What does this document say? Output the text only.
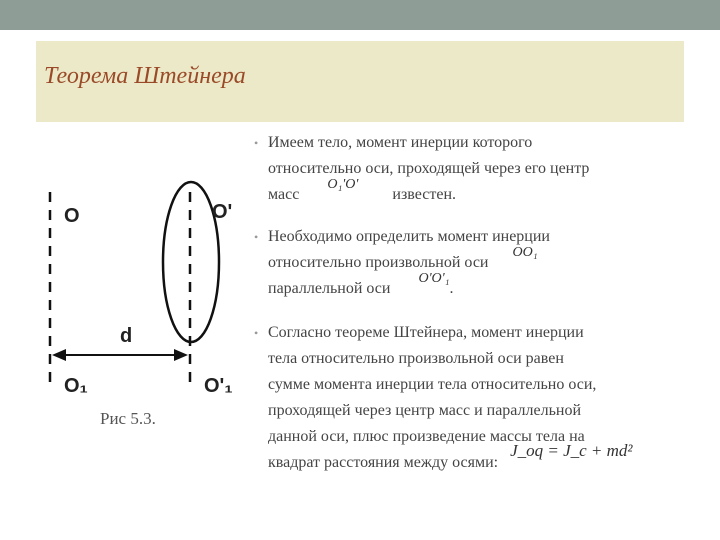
Теорема Штейнера
O	O'
O₁	O'₁
d
Рис 5.3.
• Имеем тело, момент инерции которого
относительно оси, проходящей через его центр
масс O₁'O' известен.
• Необходимо определить момент инерции
относительно произвольной оси OO₁
параллельной оси O'O'₁.
• Согласно теореме Штейнера, момент инерции
тела относительно произвольной оси равен
сумме момента инерции тела относительно оси,
проходящей через центр масс и параллельной
данной оси, плюс произведение массы тела на
квадрат расстояния между осями: J_oq = J_c + md²
